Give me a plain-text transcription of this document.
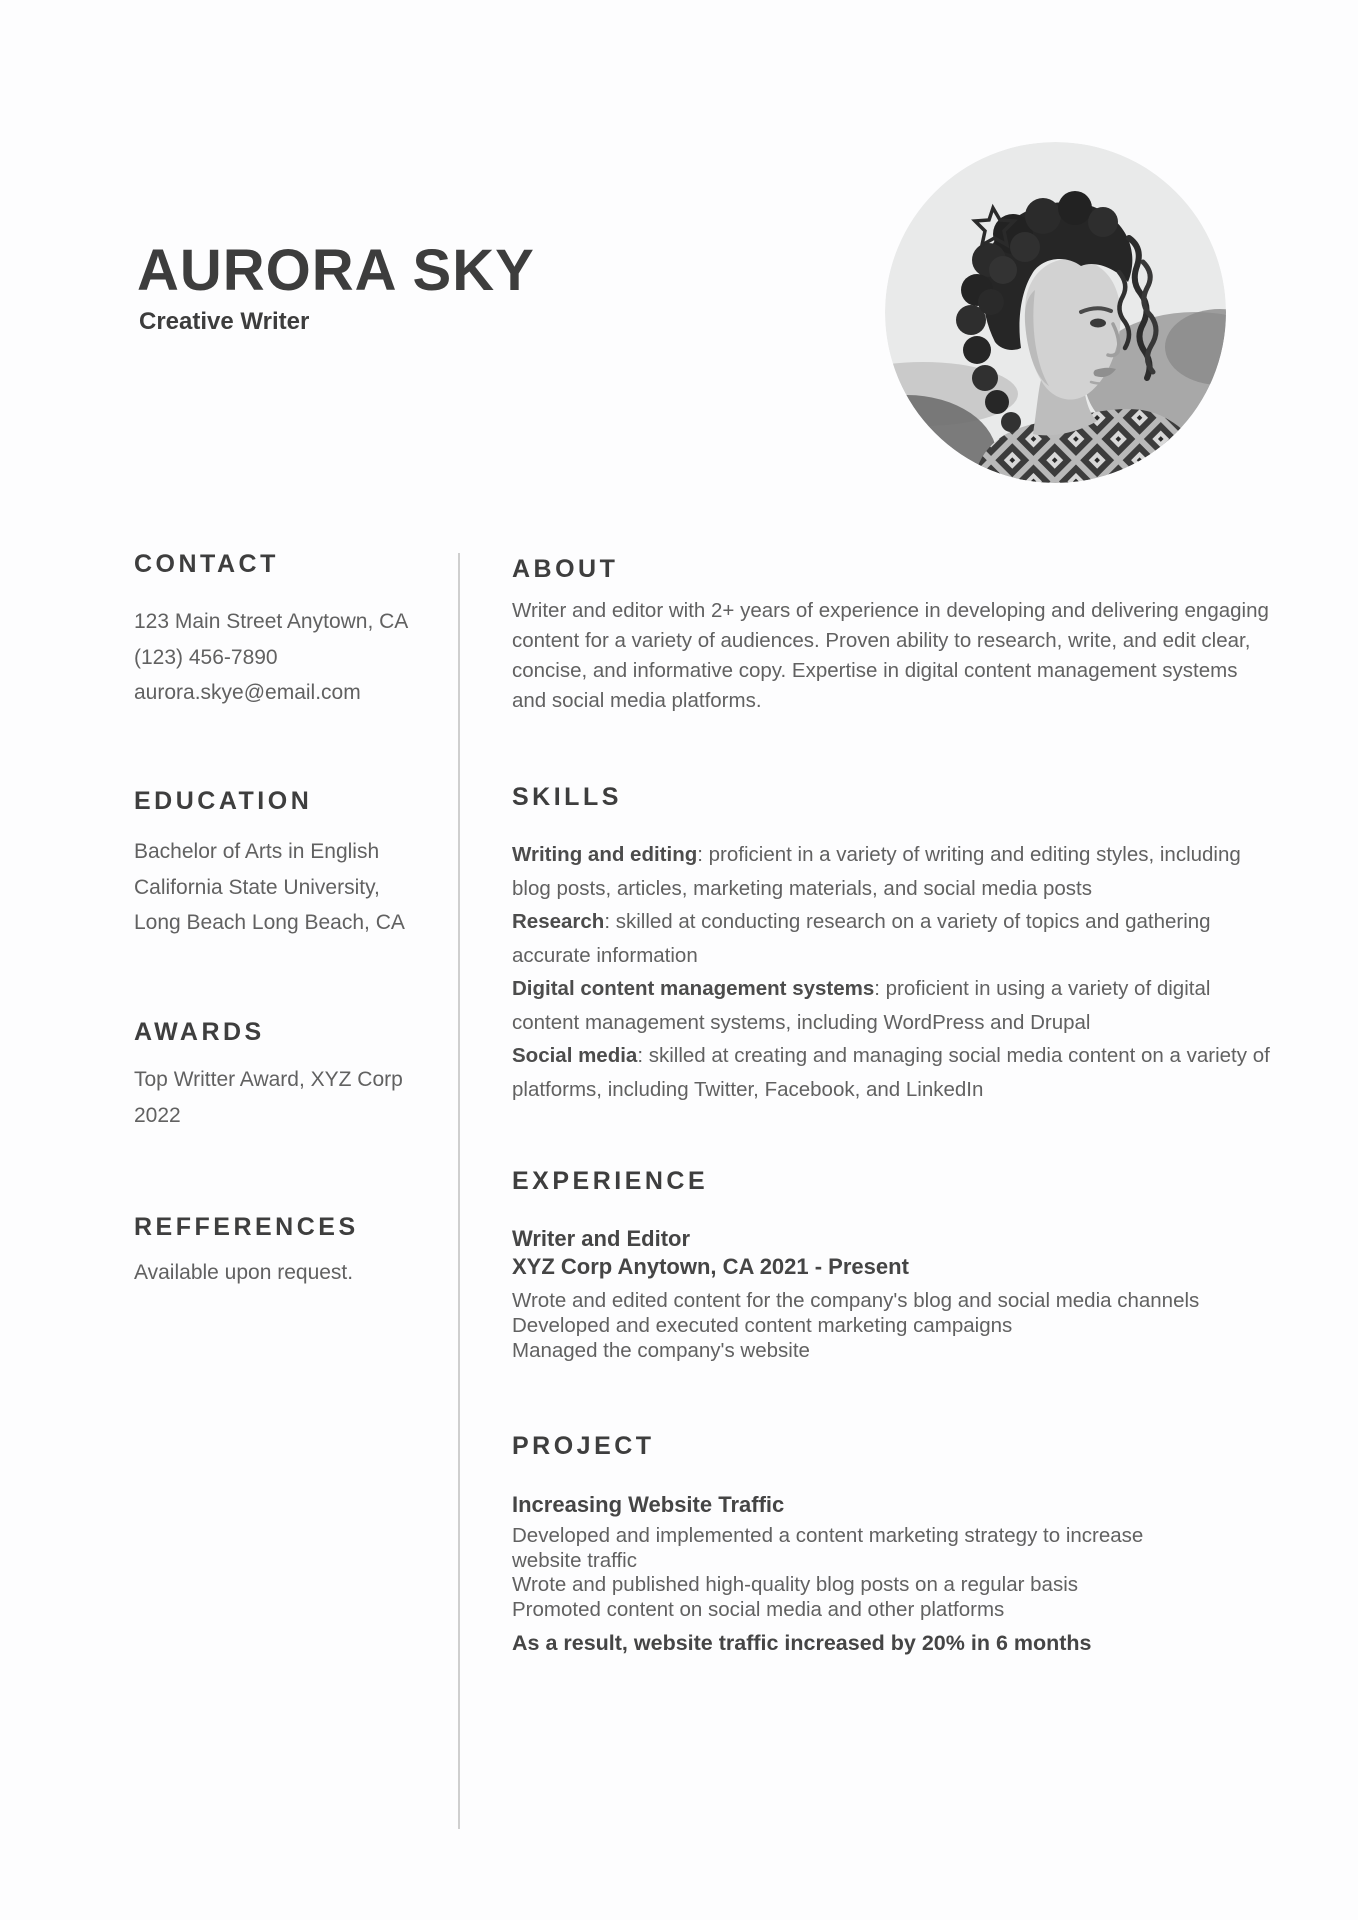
AURORA SKY
Creative Writer
CONTACT
123 Main Street Anytown, CA
(123) 456-7890
aurora.skye@email.com
EDUCATION
Bachelor of Arts in English
California State University,
Long Beach Long Beach, CA
AWARDS
Top Writter Award, XYZ Corp
2022
REFFERENCES
Available upon request.
ABOUT
Writer and editor with 2+ years of experience in developing and delivering engaging content for a variety of audiences. Proven ability to research, write, and edit clear, concise, and informative copy. Expertise in digital content management systems and social media platforms.
SKILLS
Writing and editing: proficient in a variety of writing and editing styles, including blog posts, articles, marketing materials, and social media posts
Research: skilled at conducting research on a variety of topics and gathering accurate information
Digital content management systems: proficient in using a variety of digital content management systems, including WordPress and Drupal
Social media: skilled at creating and managing social media content on a variety of platforms, including Twitter, Facebook, and LinkedIn
EXPERIENCE
Writer and Editor
XYZ Corp Anytown, CA 2021 - Present
Wrote and edited content for the company's blog and social media channels
Developed and executed content marketing campaigns
Managed the company's website
PROJECT
Increasing Website Traffic
Developed and implemented a content marketing strategy to increase website traffic
Wrote and published high-quality blog posts on a regular basis
Promoted content on social media and other platforms
As a result, website traffic increased by 20% in 6 months
